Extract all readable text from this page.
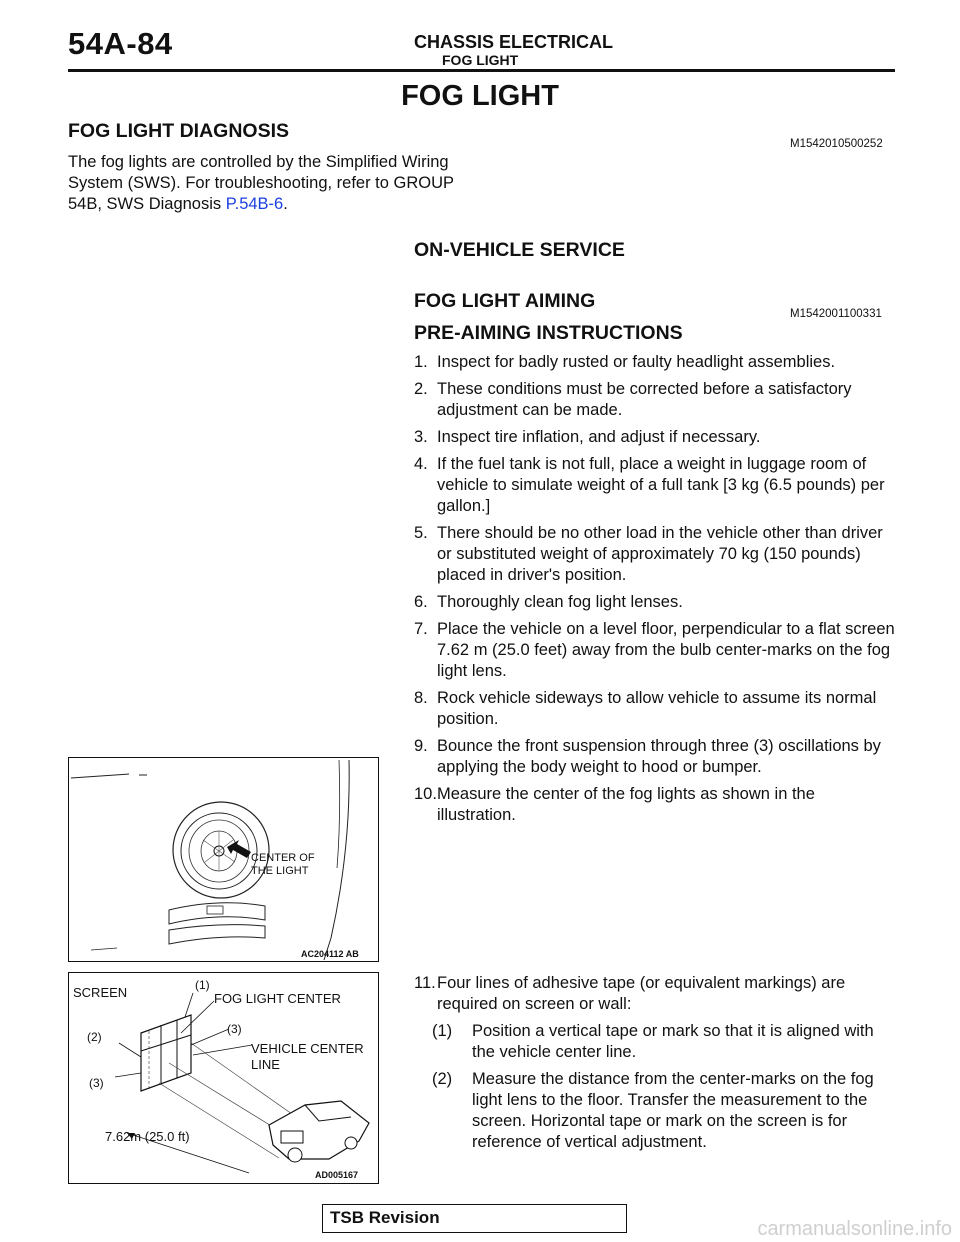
54A-84	CHASSIS ELECTRICAL
FOG LIGHT
FOG LIGHT
FOG LIGHT DIAGNOSIS
M1542010500252
The fog lights are controlled by the Simplified Wiring
System (SWS). For troubleshooting, refer to GROUP
54B, SWS Diagnosis P.54B-6.
ON-VEHICLE SERVICE
FOG LIGHT AIMING
M1542001100331
PRE-AIMING INSTRUCTIONS
1. Inspect for badly rusted or faulty headlight assemblies.
2. These conditions must be corrected before a satisfactory adjustment can be made.
3. Inspect tire inflation, and adjust if necessary.
4. If the fuel tank is not full, place a weight in luggage room of vehicle to simulate weight of a full tank [3 kg (6.5 pounds) per gallon.]
5. There should be no other load in the vehicle other than driver or substituted weight of approximately 70 kg (150 pounds) placed in driver's position.
6. Thoroughly clean fog light lenses.
7. Place the vehicle on a level floor, perpendicular to a flat screen 7.62 m (25.0 feet) away from the bulb center-marks on the fog light lens.
8. Rock vehicle sideways to allow vehicle to assume its normal position.
9. Bounce the front suspension through three (3) oscillations by applying the body weight to hood or bumper.
10. Measure the center of the fog lights as shown in the illustration.
11. Four lines of adhesive tape (or equivalent markings) are required on screen or wall:
(1) Position a vertical tape or mark so that it is aligned with the vehicle center line.
(2) Measure the distance from the center-marks on the fog light lens to the floor. Transfer the measurement to the screen. Horizontal tape or mark on the screen is for reference of vertical adjustment.
CENTER OF
THE LIGHT
AC204112 AB
SCREEN	(1)
FOG LIGHT CENTER
(2)
(3)
VEHICLE CENTER
LINE
(3)
7.62m (25.0 ft)
AD005167
TSB Revision
carmanualsonline.info
